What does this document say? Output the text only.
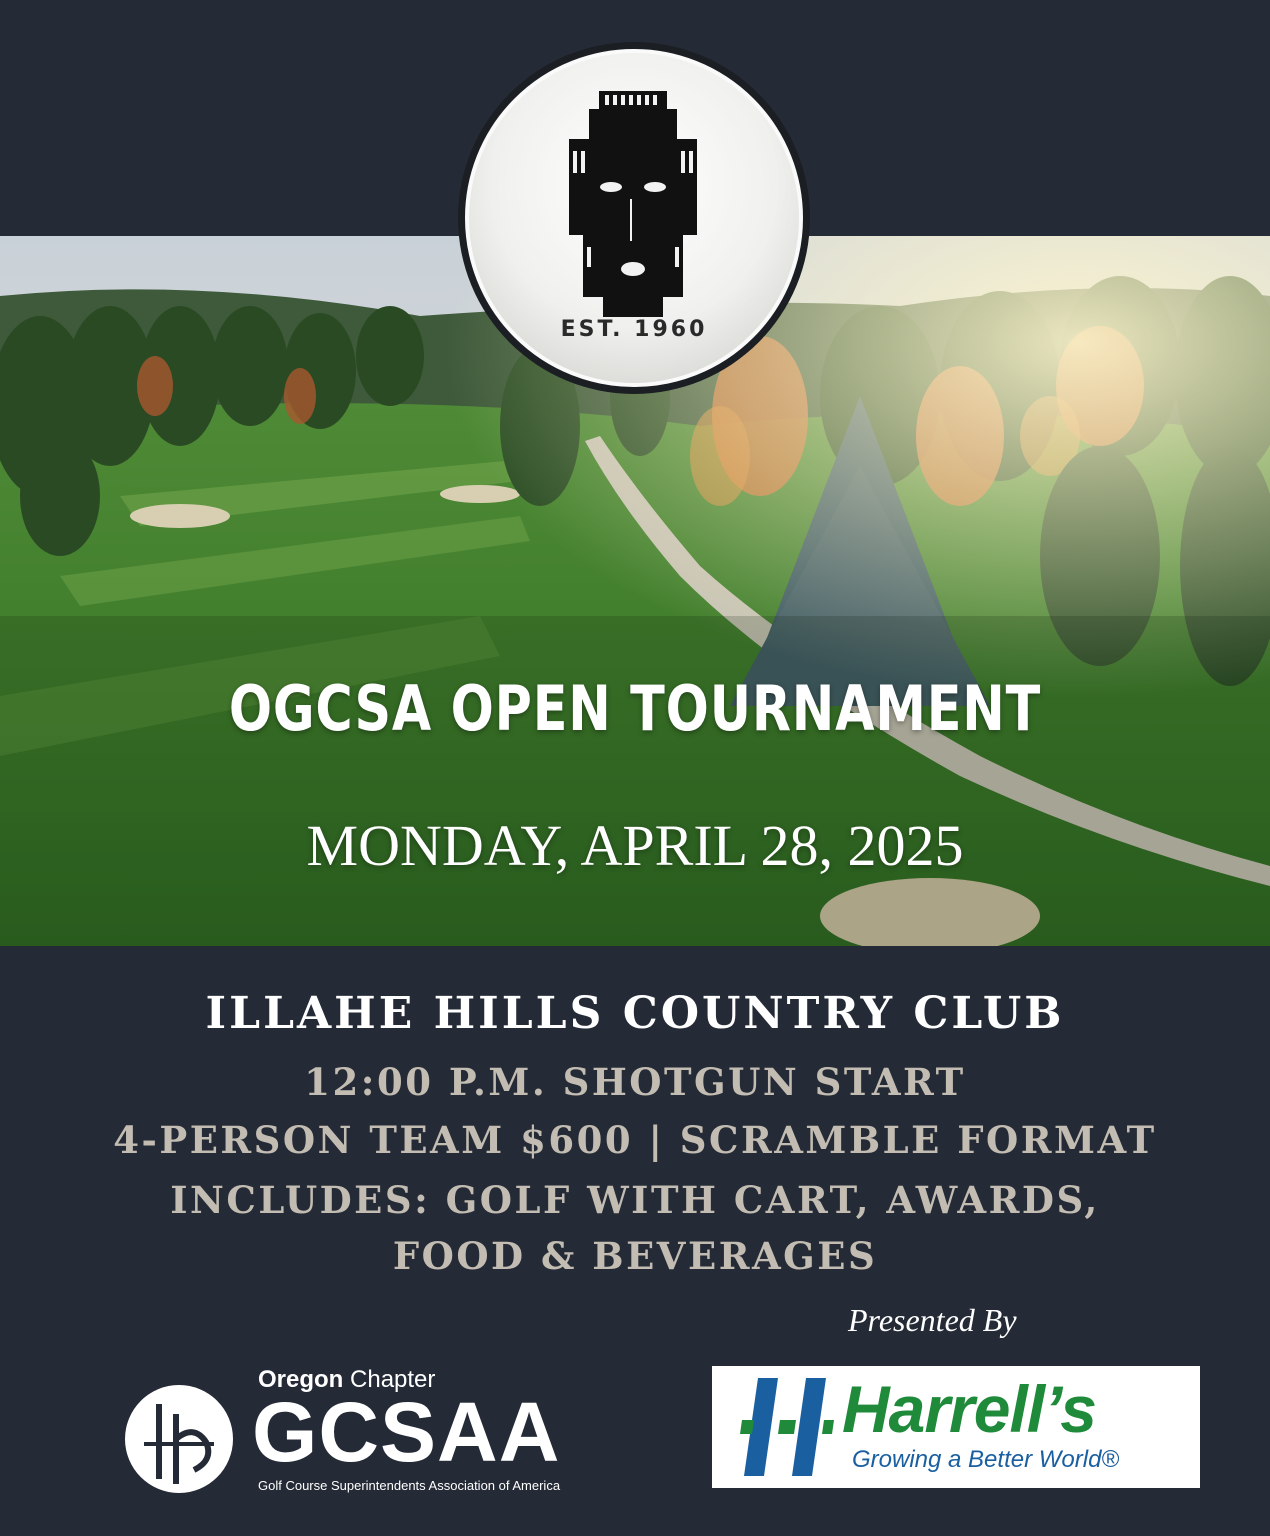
EST. 1960
OGCSA OPEN TOURNAMENT
MONDAY, APRIL 28, 2025
ILLAHE HILLS COUNTRY CLUB
12:00 P.M. SHOTGUN START
4-PERSON TEAM $600 | SCRAMBLE FORMAT
INCLUDES: GOLF WITH CART, AWARDS,
FOOD & BEVERAGES
Presented By
Oregon Chapter
GCSAA
Golf Course Superintendents Association of America
Harrell’s
Growing a Better World®
